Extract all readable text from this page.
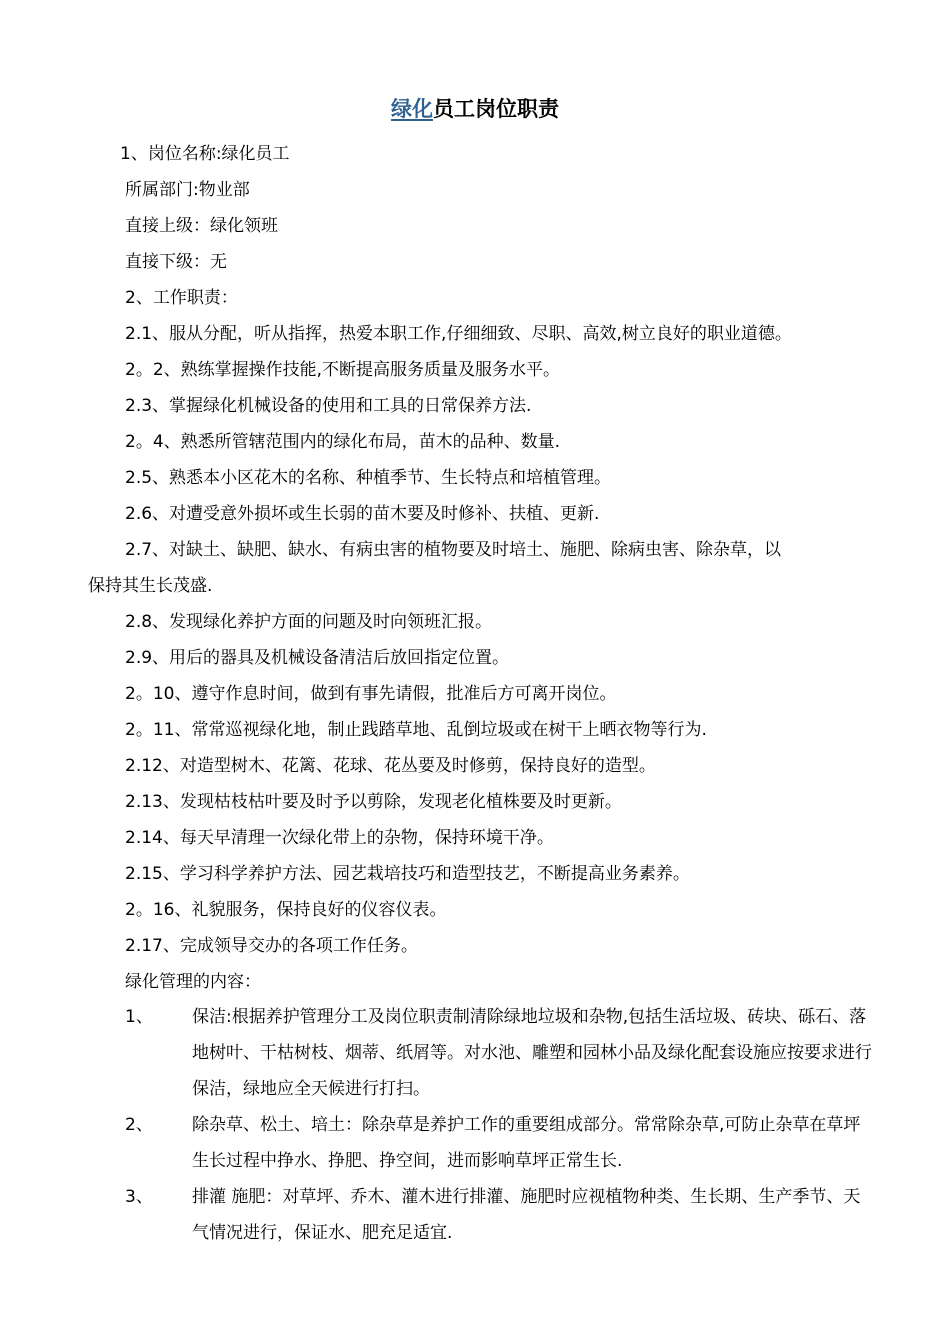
绿化员工岗位职责
1、岗位名称:绿化员工
所属部门:物业部
直接上级：绿化领班
直接下级：无
2、工作职责：
2.1、服从分配，听从指挥，热爱本职工作,仔细细致、尽职、高效,树立良好的职业道德。
2。2、熟练掌握操作技能,不断提高服务质量及服务水平。
2.3、掌握绿化机械设备的使用和工具的日常保养方法.
2。4、熟悉所管辖范围内的绿化布局，苗木的品种、数量.
2.5、熟悉本小区花木的名称、种植季节、生长特点和培植管理。
2.6、对遭受意外损坏或生长弱的苗木要及时修补、扶植、更新.
2.7、对缺土、缺肥、缺水、有病虫害的植物要及时培土、施肥、除病虫害、除杂草，以
保持其生长茂盛.
2.8、发现绿化养护方面的问题及时向领班汇报。
2.9、用后的器具及机械设备清洁后放回指定位置。
2。10、遵守作息时间，做到有事先请假，批准后方可离开岗位。
2。11、常常巡视绿化地，制止践踏草地、乱倒垃圾或在树干上晒衣物等行为.
2.12、对造型树木、花篱、花球、花丛要及时修剪，保持良好的造型。
2.13、发现枯枝枯叶要及时予以剪除，发现老化植株要及时更新。
2.14、每天早清理一次绿化带上的杂物，保持环境干净。
2.15、学习科学养护方法、园艺栽培技巧和造型技艺，不断提高业务素养。
2。16、礼貌服务，保持良好的仪容仪表。
2.17、完成领导交办的各项工作任务。
绿化管理的内容：
1、 保洁:根据养护管理分工及岗位职责制清除绿地垃圾和杂物,包括生活垃圾、砖块、砾石、落地树叶、干枯树枝、烟蒂、纸屑等。对水池、雕塑和园林小品及绿化配套设施应按要求进行保洁，绿地应全天候进行打扫。
2、 除杂草、松土、培土：除杂草是养护工作的重要组成部分。常常除杂草,可防止杂草在草坪生长过程中挣水、挣肥、挣空间，进而影响草坪正常生长.
3、 排灌 施肥：对草坪、乔木、灌木进行排灌、施肥时应视植物种类、生长期、生产季节、天气情况进行，保证水、肥充足适宜.
